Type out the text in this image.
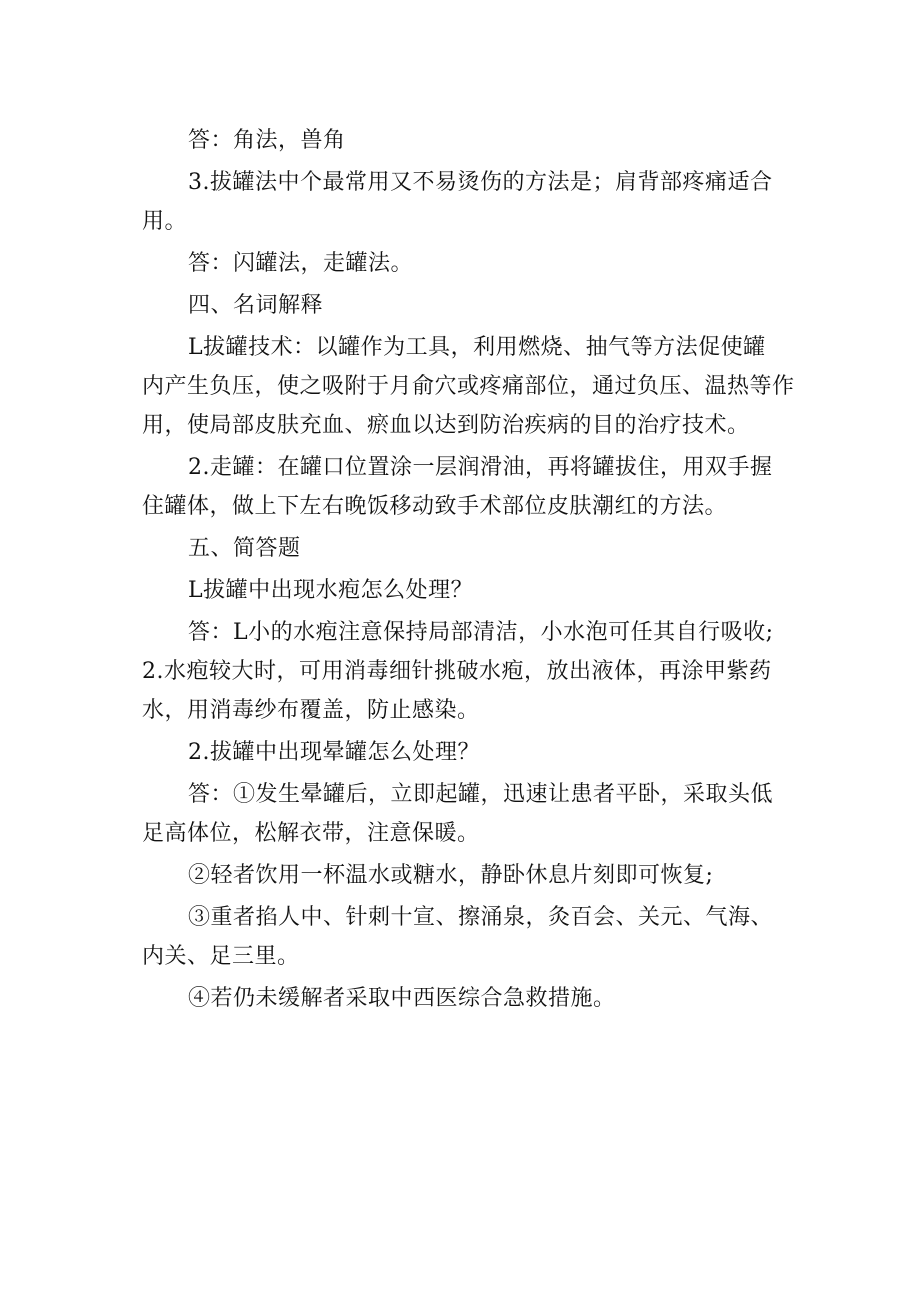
答：角法，兽角

3.拔罐法中个最常用又不易烫伤的方法是；肩背部疼痛适合　用。

答：闪罐法，走罐法。

四、名词解释

L拔罐技术：以罐作为工具，利用燃烧、抽气等方法促使罐　内产生负压，使之吸附于月俞穴或疼痛部位，通过负压、温热等作　用，使局部皮肤充血、瘀血以达到防治疾病的目的治疗技术。

2.走罐：在罐口位置涂一层润滑油，再将罐拔住，用双手握　住罐体，做上下左右晚饭移动致手术部位皮肤潮红的方法。

五、简答题

L拔罐中出现水疱怎么处理？

答：L小的水疱注意保持局部清洁，小水泡可任其自行吸收;

2.水疱较大时，可用消毒细针挑破水疱，放出液体，再涂甲紫药　水，用消毒纱布覆盖，防止感染。

2.拔罐中出现晕罐怎么处理？

答：①发生晕罐后，立即起罐，迅速让患者平卧，采取头低　足高体位，松解衣带，注意保暖。

②轻者饮用一杯温水或糖水，静卧休息片刻即可恢复;

③重者掐人中、针刺十宣、擦涌泉，灸百会、关元、气海、　内关、足三里。

④若仍未缓解者采取中西医综合急救措施。
